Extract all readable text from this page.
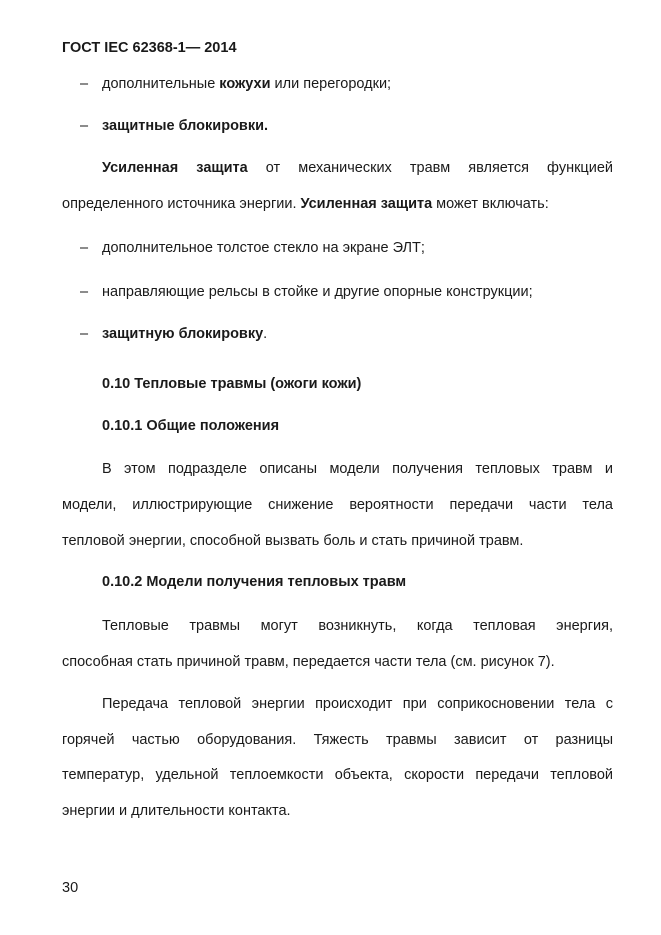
ГОСТ IEC 62368-1— 2014
– дополнительные кожухи или перегородки;
– защитные блокировки.
Усиленная защита от механических травм является функцией
определенного источника энергии. Усиленная защита может включать:
– дополнительное толстое стекло на экране ЭЛТ;
– направляющие рельсы в стойке и другие опорные конструкции;
– защитную блокировку.
0.10 Тепловые травмы (ожоги кожи)
0.10.1 Общие положения
В этом подразделе описаны модели получения тепловых травм и
модели, иллюстрирующие снижение вероятности передачи части тела
тепловой энергии, способной вызвать боль и стать причиной травм.
0.10.2 Модели получения тепловых травм
Тепловые травмы могут возникнуть, когда тепловая энергия,
способная стать причиной травм, передается части тела (см. рисунок 7).
Передача тепловой энергии происходит при соприкосновении тела с
горячей частью оборудования. Тяжесть травмы зависит от разницы
температур, удельной теплоемкости объекта, скорости передачи тепловой
энергии и длительности контакта.
30
